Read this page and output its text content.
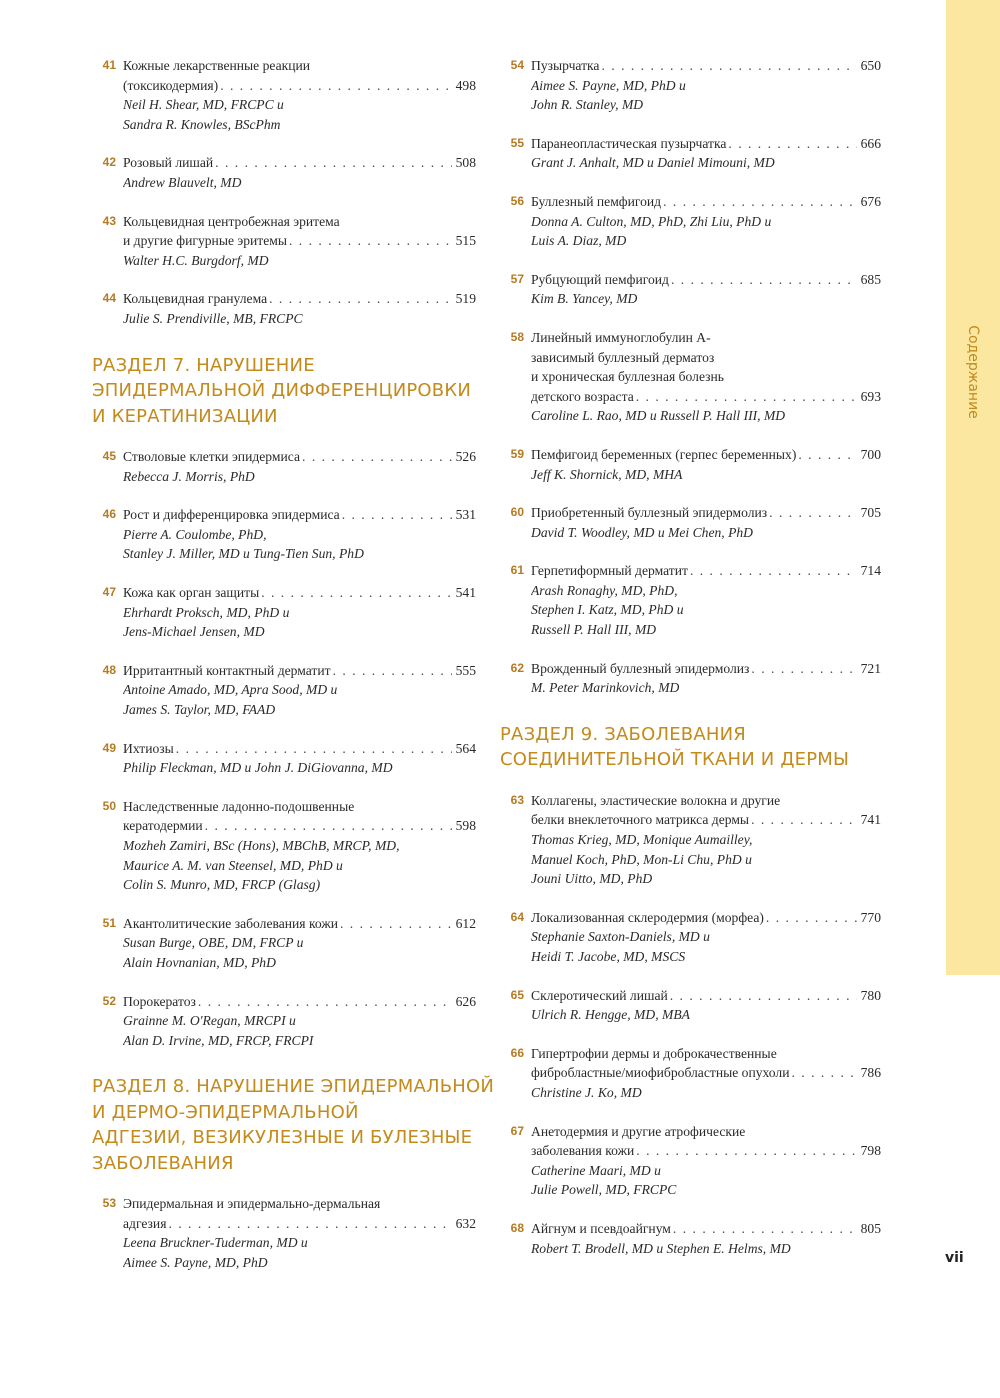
Содержание
vii
41 Кожные лекарственные реакции
(токсикодермия) . . .	498
Neil H. Shear, MD, FRCPC и
Sandra R. Knowles, BScPhm
42 Розовый лишай . . .	508
Andrew Blauvelt, MD
43 Кольцевидная центробежная эритема
и другие фигурные эритемы . . .	515
Walter H.C. Burgdorf, MD
44 Кольцевидная гранулема . . .	519
Julie S. Prendiville, MB, FRCPC
РАЗДЕЛ 7. НАРУШЕНИЕ
ЭПИДЕРМАЛЬНОЙ ДИФФЕРЕНЦИРОВКИ
И КЕРАТИНИЗАЦИИ
45 Стволовые клетки эпидермиса . . .	526
Rebecca J. Morris, PhD
46 Рост и дифференцировка эпидермиса . . .	531
Pierre A. Coulombe, PhD,
Stanley J. Miller, MD и Tung-Tien Sun, PhD
47 Кожа как орган защиты . . .	541
Ehrhardt Proksch, MD, PhD и
Jens-Michael Jensen, MD
48 Ирритантный контактный дерматит . . .	555
Antoine Amado, MD, Apra Sood, MD и
James S. Taylor, MD, FAAD
49 Ихтиозы . . .	564
Philip Fleckman, MD и John J. DiGiovanna, MD
50 Наследственные ладонно-подошвенные
кератодермии . . .	598
Mozheh Zamiri, BSc (Hons), MBChB, MRCP, MD,
Maurice A. M. van Steensel, MD, PhD и
Colin S. Munro, MD, FRCP (Glasg)
51 Акантолитические заболевания кожи . . .	612
Susan Burge, OBE, DM, FRCP и
Alain Hovnanian, MD, PhD
52 Порокератоз . . .	626
Grainne M. O'Regan, MRCPI и
Alan D. Irvine, MD, FRCP, FRCPI
РАЗДЕЛ 8. НАРУШЕНИЕ ЭПИДЕРМАЛЬНОЙ
И ДЕРМО-ЭПИДЕРМАЛЬНОЙ
АДГЕЗИИ, ВЕЗИКУЛЕЗНЫЕ И БУЛЕЗНЫЕ
ЗАБОЛЕВАНИЯ
53 Эпидермальная и эпидермально-дермальная
адгезия . . .	632
Leena Bruckner-Tuderman, MD и
Aimee S. Payne, MD, PhD
54 Пузырчатка . . .	650
Aimee S. Payne, MD, PhD и
John R. Stanley, MD
55 Паранеопластическая пузырчатка . . .	666
Grant J. Anhalt, MD и Daniel Mimouni, MD
56 Буллезный пемфигоид . . .	676
Donna A. Culton, MD, PhD, Zhi Liu, PhD и
Luis A. Diaz, MD
57 Рубцующий пемфигоид . . .	685
Kim B. Yancey, MD
58 Линейный иммуноглобулин А-
зависимый буллезный дерматоз
и хроническая буллезная болезнь
детского возраста . . .	693
Caroline L. Rao, MD и Russell P. Hall III, MD
59 Пемфигоид беременных (герпес беременных) . . .	700
Jeff K. Shornick, MD, MHA
60 Приобретенный буллезный эпидермолиз . . .	705
David T. Woodley, MD и Mei Chen, PhD
61 Герпетиформный дерматит . . .	714
Arash Ronaghy, MD, PhD,
Stephen I. Katz, MD, PhD и
Russell P. Hall III, MD
62 Врожденный буллезный эпидермолиз . . .	721
M. Peter Marinkovich, MD
РАЗДЕЛ 9. ЗАБОЛЕВАНИЯ
СОЕДИНИТЕЛЬНОЙ ТКАНИ И ДЕРМЫ
63 Коллагены, эластические волокна и другие
белки внеклеточного матрикса дермы . . .	741
Thomas Krieg, MD, Monique Aumailley,
Manuel Koch, PhD, Mon-Li Chu, PhD и
Jouni Uitto, MD, PhD
64 Локализованная склеродермия (морфеа) . . .	770
Stephanie Saxton-Daniels, MD и
Heidi T. Jacobe, MD, MSCS
65 Склеротический лишай . . .	780
Ulrich R. Hengge, MD, MBA
66 Гипертрофии дермы и доброкачественные
фибробластные/миофибробластные опухоли . . .	786
Christine J. Ko, MD
67 Анетодермия и другие атрофические
заболевания кожи . . .	798
Catherine Maari, MD и
Julie Powell, MD, FRCPC
68 Айгнум и псевдоайгнум . . .	805
Robert T. Brodell, MD и Stephen E. Helms, MD
